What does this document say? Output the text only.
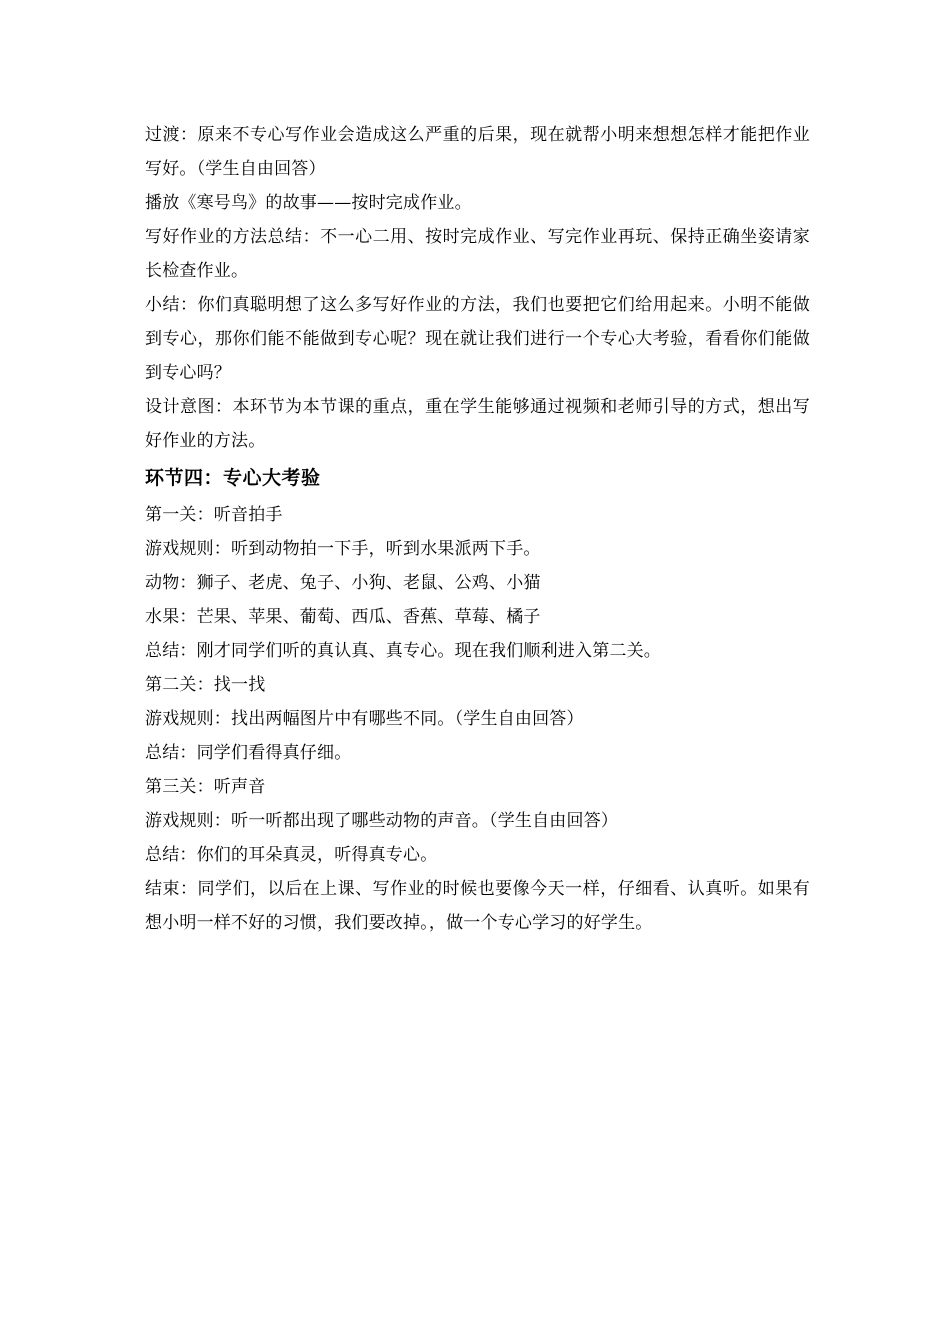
过渡：原来不专心写作业会造成这么严重的后果，现在就帮小明来想想怎样才能把作业写好。（学生自由回答）

播放《寒号鸟》的故事——按时完成作业。

写好作业的方法总结：不一心二用、按时完成作业、写完作业再玩、保持正确坐姿请家长检查作业。

小结：你们真聪明想了这么多写好作业的方法，我们也要把它们给用起来。小明不能做到专心，那你们能不能做到专心呢？现在就让我们进行一个专心大考验，看看你们能做到专心吗？

设计意图：本环节为本节课的重点，重在学生能够通过视频和老师引导的方式，想出写好作业的方法。

环节四：专心大考验

第一关：听音拍手

游戏规则：听到动物拍一下手，听到水果派两下手。

动物：狮子、老虎、兔子、小狗、老鼠、公鸡、小猫

水果：芒果、苹果、葡萄、西瓜、香蕉、草莓、橘子

总结：刚才同学们听的真认真、真专心。现在我们顺利进入第二关。

第二关：找一找

游戏规则：找出两幅图片中有哪些不同。（学生自由回答）

总结：同学们看得真仔细。

第三关：听声音

游戏规则：听一听都出现了哪些动物的声音。（学生自由回答）

总结：你们的耳朵真灵，听得真专心。

结束：同学们，以后在上课、写作业的时候也要像今天一样，仔细看、认真听。如果有想小明一样不好的习惯，我们要改掉。，做一个专心学习的好学生。
